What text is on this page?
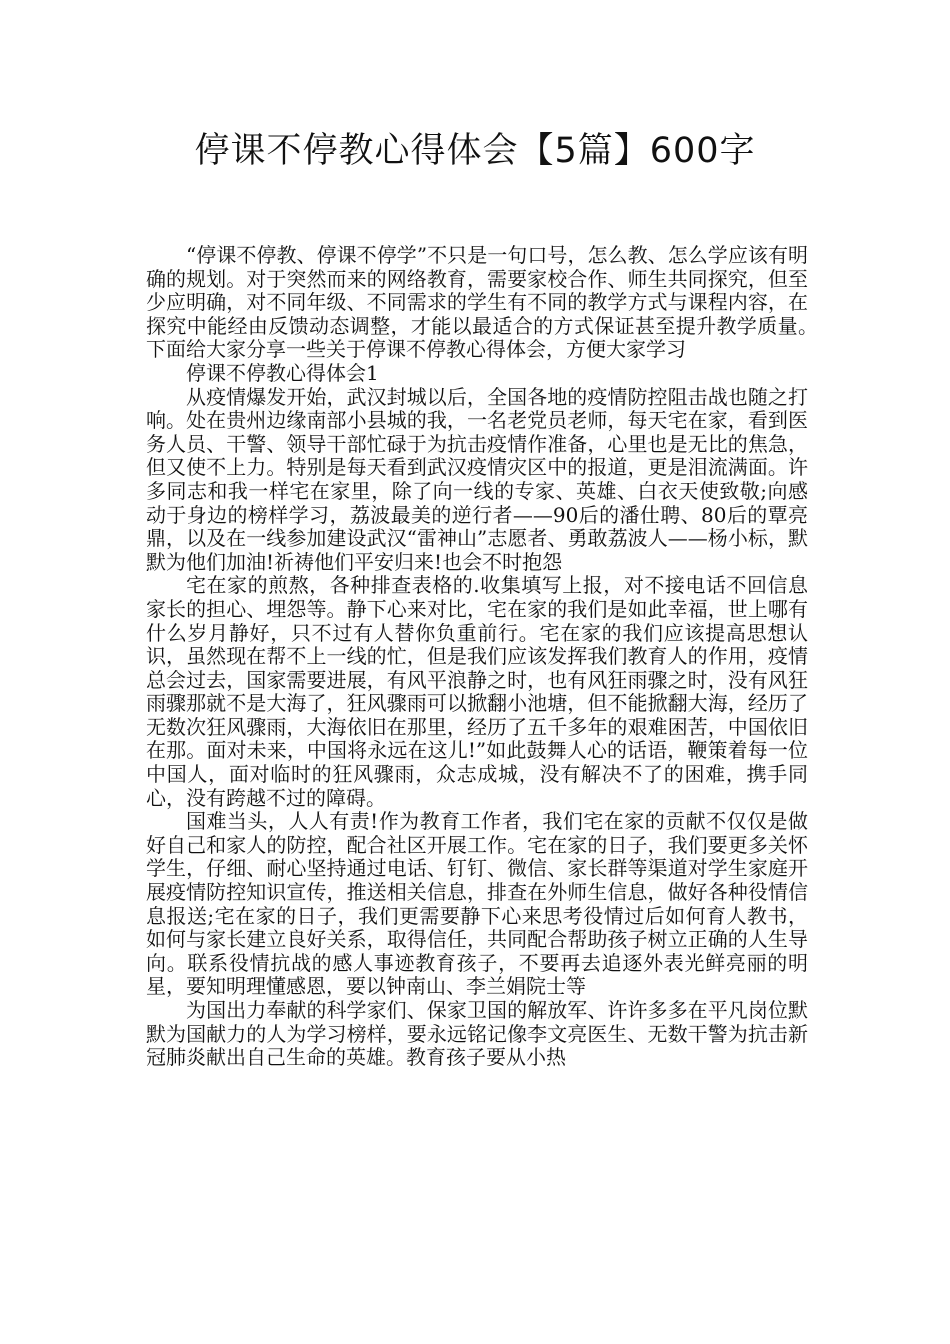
停课不停教心得体会【5篇】600字

“停课不停教、停课不停学”不只是一句口号，怎么教、怎么学应该有明确的规划。对于突然而来的网络教育，需要家校合作、师生共同探究，但至少应明确，对不同年级、不同需求的学生有不同的教学方式与课程内容，在探究中能经由反馈动态调整，才能以最适合的方式保证甚至提升教学质量。　下面给大家分享一些关于停课不停教心得体会，方便大家学习

停课不停教心得体会1

从疫情爆发开始，武汉封城以后，全国各地的疫情防控阻击战也随之打响。处在贵州边缘南部小县城的我，一名老党员老师，每天宅在家，看到医务人员、干警、领导干部忙碌于为抗击疫情作准备，心里也是无比的焦急，但又使不上力。特别是每天看到武汉疫情灾区中的报道，更是泪流满面。许多同志和我一样宅在家里，除了向一线的专家、英雄、白衣天使致敬;向感动于身边的榜样学习，荔波最美的逆行者——90后的潘仕聘、80后的覃亮鼎，以及在一线参加建设武汉“雷神山”志愿者、勇敢荔波人——杨小标，默默为他们加油!祈祷他们平安归来!也会不时抱怨

宅在家的煎熬，各种排查表格的.收集填写上报，对不接电话不回信息家长的担心、埋怨等。静下心来对比，宅在家的我们是如此幸福，世上哪有什么岁月静好，只不过有人替你负重前行。宅在家的我们应该提高思想认识，虽然现在帮不上一线的忙，但是我们应该发挥我们教育人的作用，疫情总会过去，国家需要进展，有风平浪静之时，也有风狂雨骤之时，没有风狂雨骤那就不是大海了，狂风骤雨可以掀翻小池塘，但不能掀翻大海，经历了无数次狂风骤雨，大海依旧在那里，经历了五千多年的艰难困苦，中国依旧在那。面对未来，中国将永远在这儿!”如此鼓舞人心的话语，鞭策着每一位中国人，面对临时的狂风骤雨，众志成城，没有解决不了的困难，携手同心，没有跨越不过的障碍。

国难当头，人人有责!作为教育工作者，我们宅在家的贡献不仅仅是做好自己和家人的防控，配合社区开展工作。宅在家的日子，我们要更多关怀学生，仔细、耐心坚持通过电话、钉钉、微信、家长群等渠道对学生家庭开展疫情防控知识宣传，推送相关信息，排查在外师生信息，做好各种役情信息报送;宅在家的日子，我们更需要静下心来思考役情过后如何育人教书，如何与家长建立良好关系，取得信任，共同配合帮助孩子树立正确的人生导向。联系役情抗战的感人事迹教育孩子，不要再去追逐外表光鲜亮丽的明星，要知明理懂感恩，要以钟南山、李兰娟院士等

为国出力奉献的科学家们、保家卫国的解放军、许许多多在平凡岗位默默为国献力的人为学习榜样，要永远铭记像李文亮医生、无数干警为抗击新冠肺炎献出自己生命的英雄。教育孩子要从小热
